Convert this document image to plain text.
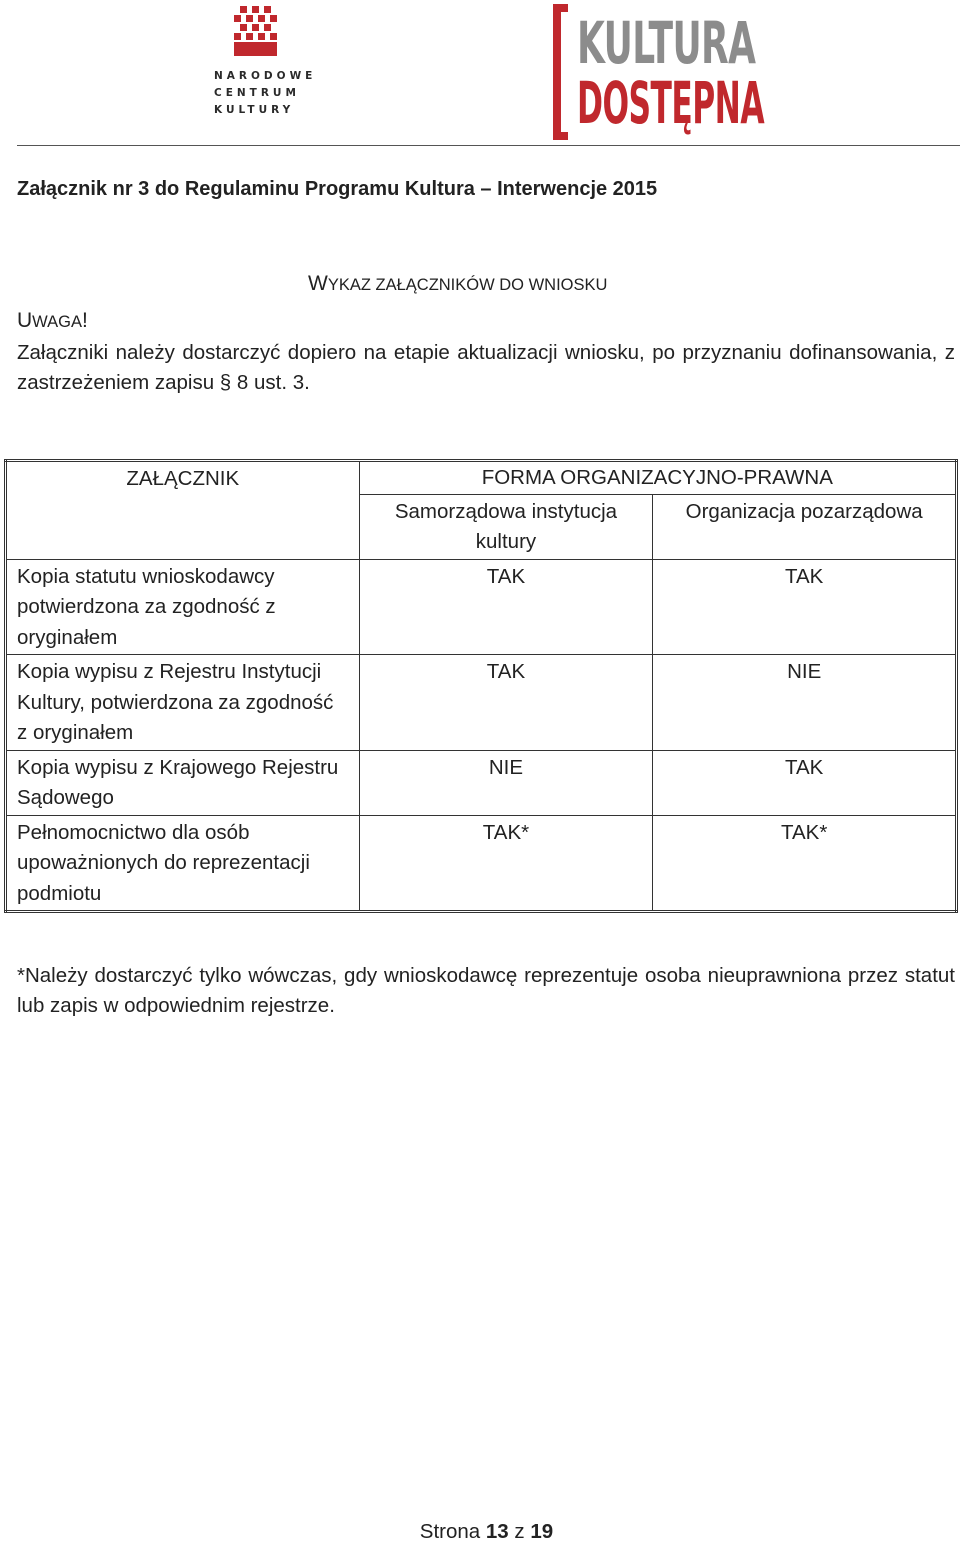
NARODOWE
CENTRUM
KULTURY
KULTURA
DOSTĘPNA
Załącznik nr 3 do Regulaminu Programu Kultura – Interwencje 2015
WYKAZ ZAŁĄCZNIKÓW DO WNIOSKU
UWAGA!
Załączniki należy dostarczyć dopiero na etapie aktualizacji wniosku, po przyznaniu dofinansowania, z zastrzeżeniem zapisu § 8 ust. 3.
ZAŁĄCZNIK	FORMA ORGANIZACYJNO-PRAWNA	
	Samorządowa instytucja kultury	Organizacja pozarządowa
Kopia statutu wnioskodawcy potwierdzona za zgodność z oryginałem	TAK	TAK
Kopia wypisu z Rejestru Instytucji Kultury, potwierdzona za zgodność z oryginałem	TAK	NIE
Kopia wypisu z Krajowego Rejestru Sądowego	NIE	TAK
Pełnomocnictwo dla osób upoważnionych do reprezentacji podmiotu	TAK*	TAK*
*Należy dostarczyć tylko wówczas, gdy wnioskodawcę reprezentuje osoba nieuprawniona przez statut lub zapis w odpowiednim rejestrze.
Strona 13 z 19
